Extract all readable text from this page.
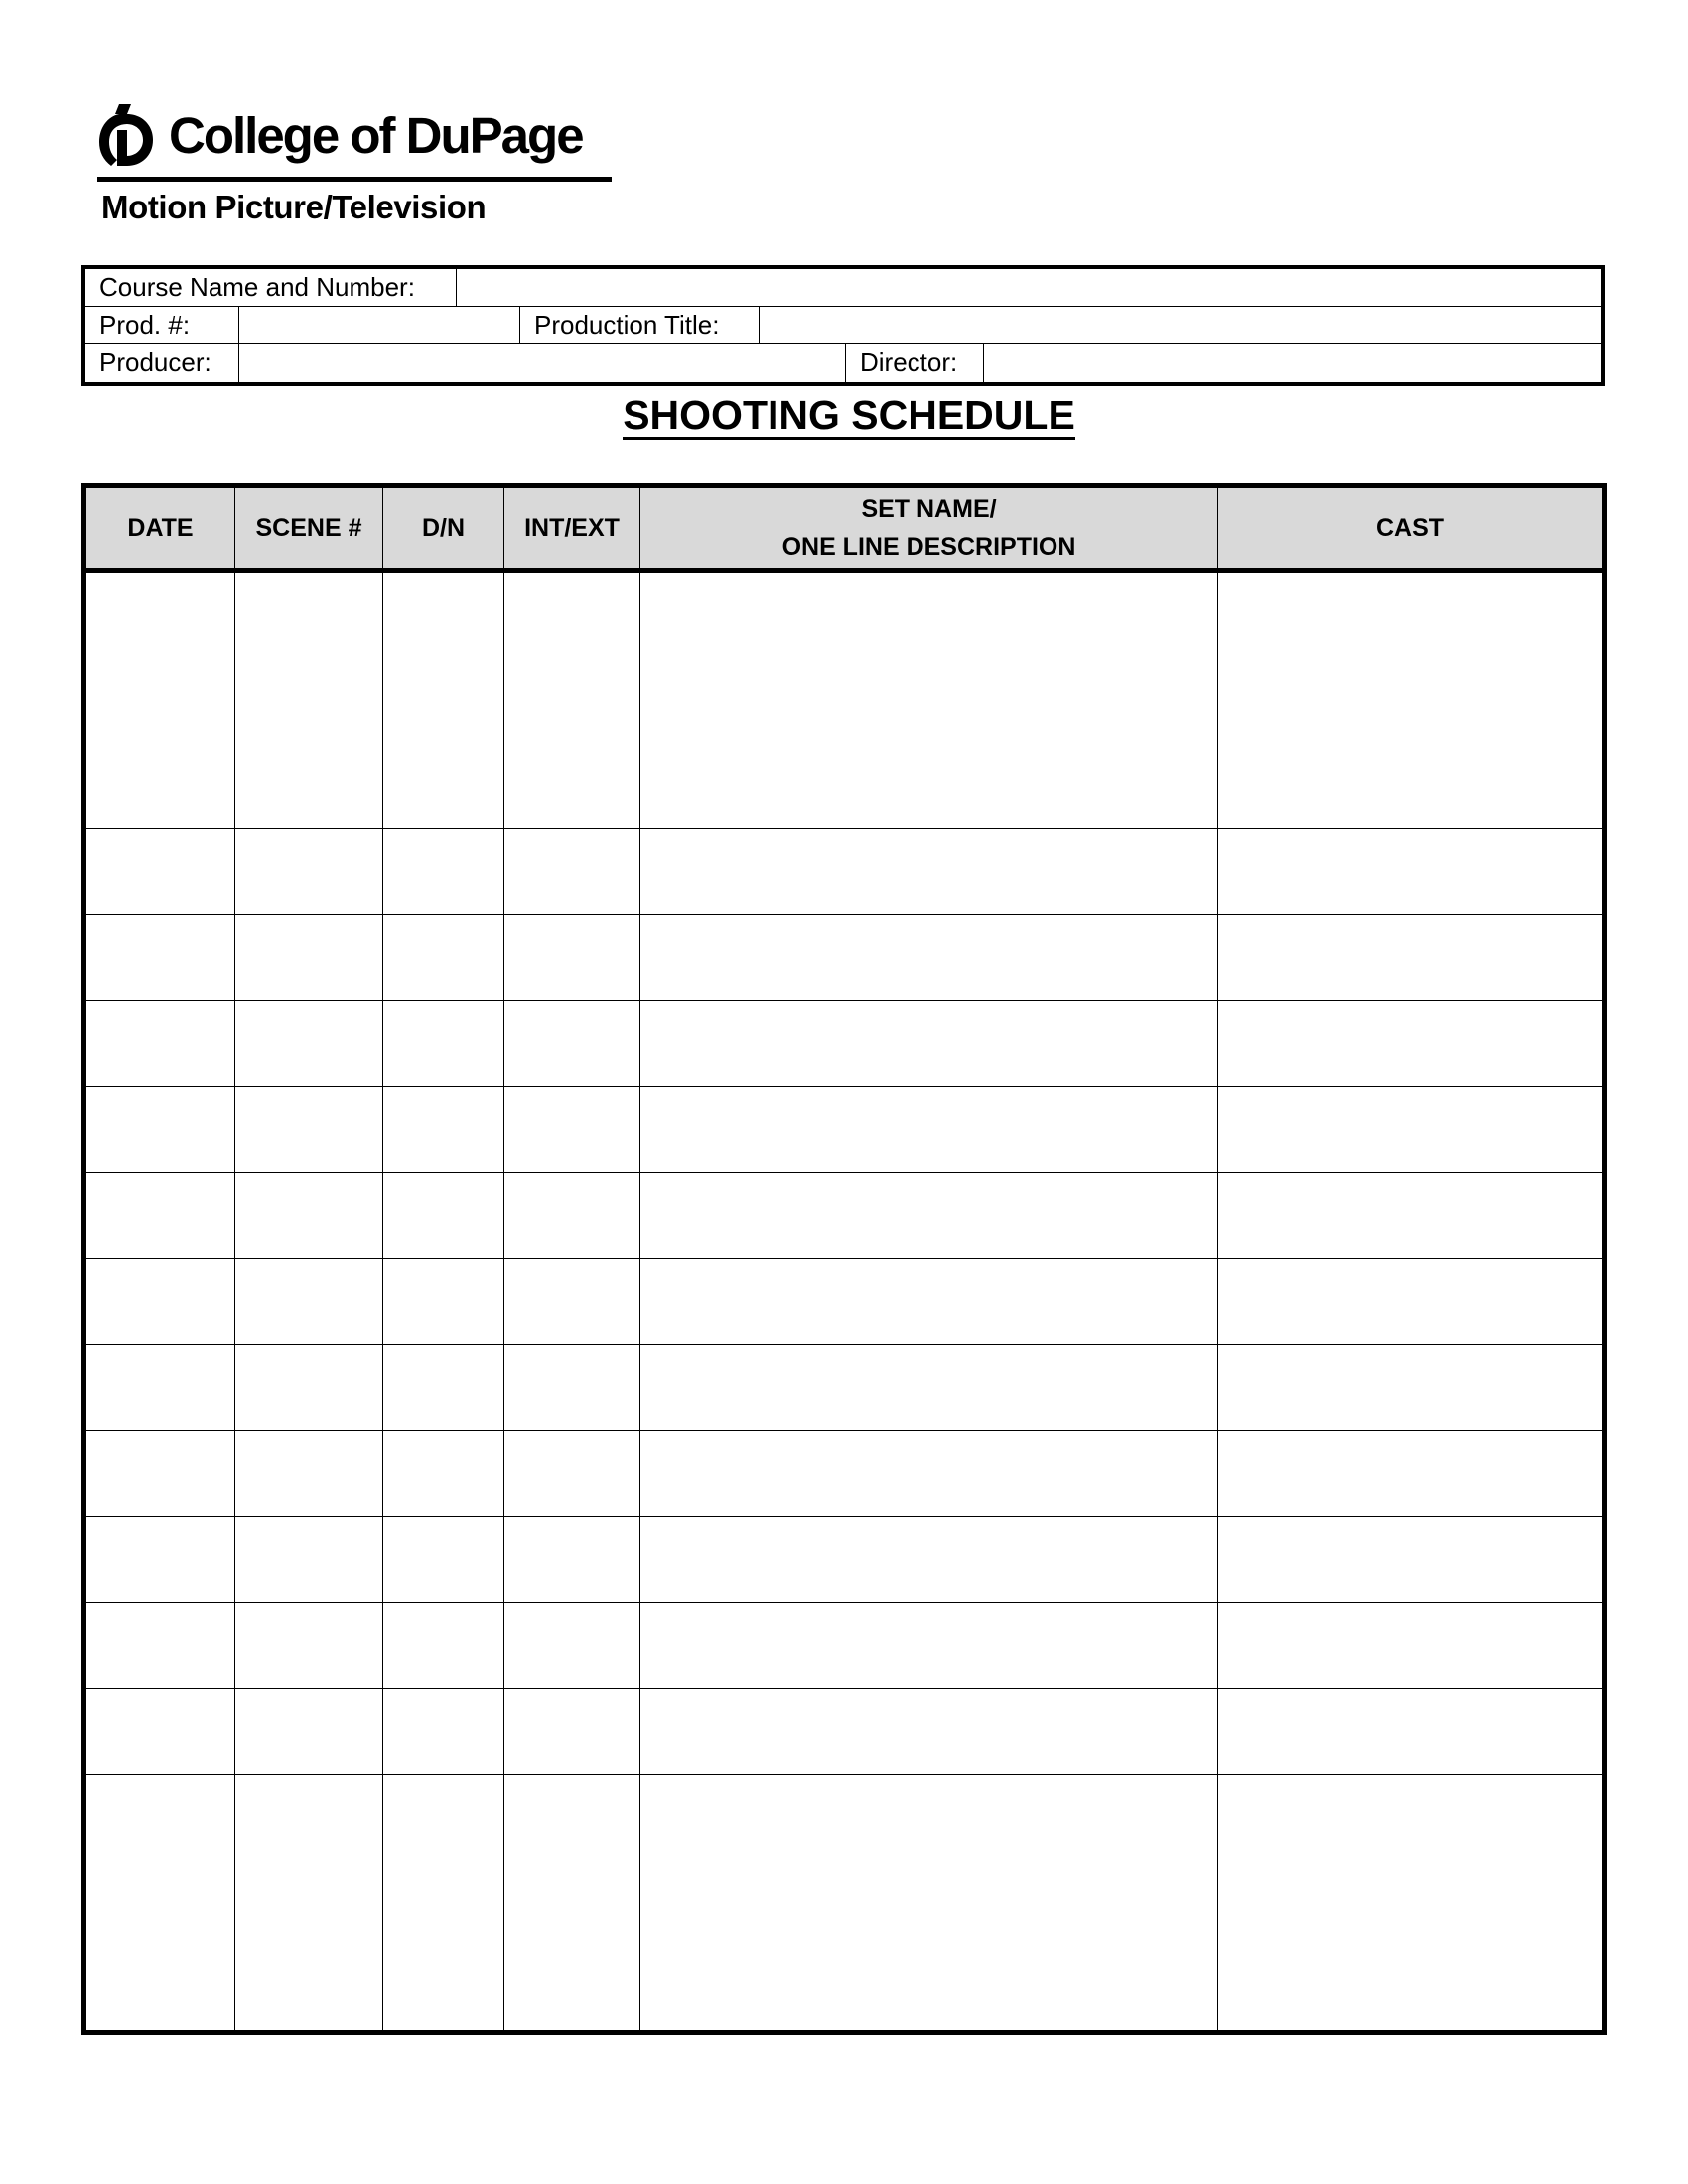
College of DuPage
Motion Picture/Television
Course Name and Number:
Prod. #:	Production Title:
Producer:	Director:
SHOOTING SCHEDULE
DATE	SCENE #	D/N	INT/EXT	SET NAME/
ONE LINE DESCRIPTION	CAST
